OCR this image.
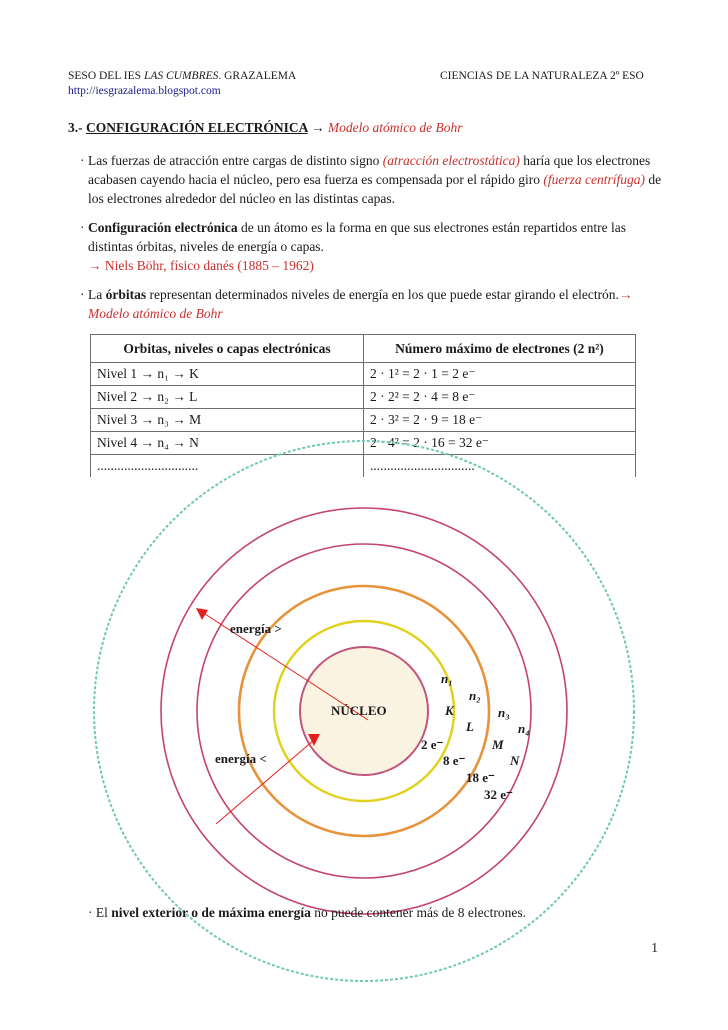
SESO DEL IES LAS CUMBRES. GRAZALEMA	CIENCIAS DE LA NATURALEZA 2º ESO
http://iesgrazalema.blogspot.com
3.- CONFIGURACIÓN ELECTRÓNICA → Modelo atómico de Bohr
· Las fuerzas de atracción entre cargas de distinto signo (atracción electrostática) haría que los electrones acabasen cayendo hacia el núcleo, pero esa fuerza es compensada por el rápido giro (fuerza centrífuga) de los electrones alrededor del núcleo en las distintas capas.
· Configuración electrónica de un átomo es la forma en que sus electrones están repartidos entre las distintas órbitas, niveles de energía o capas.
→ Niels Böhr, físico danés (1885 – 1962)
· La órbitas representan determinados niveles de energía en los que puede estar girando el electrón.→ Modelo atómico de Bohr
Orbitas, niveles o capas electrónicas	Número máximo de electrones (2 n²)
Nivel 1 → n₁ → K	2 · 1² = 2 · 1 = 2 e⁻
Nivel 2 → n₂ → L	2 · 2² = 2 · 4 = 8 e⁻
Nivel 3 → n₃ → M	2 · 3² = 2 · 9 = 18 e⁻
Nivel 4 → n₄ → N	2 · 4² = 2 · 16 = 32 e⁻
..............................	...............................
energía >
energía <
NÚCLEO
n₁
n₂
n₃
n₄
K
L
M
N
2 e⁻
8 e⁻
18 e⁻
32 e⁻
· El nivel exterior o de máxima energía no puede contener más de 8 electrones.
1
